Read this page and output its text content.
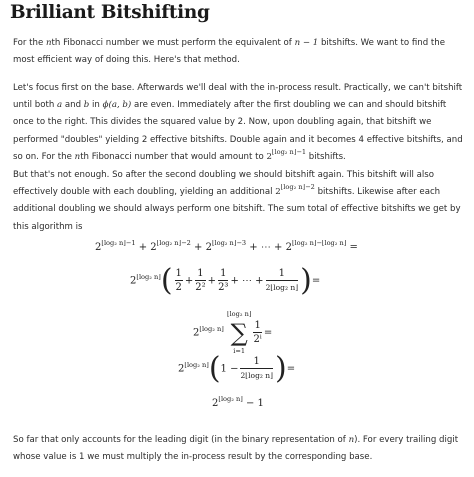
Brilliant Bitshifting

For the nth Fibonacci number we must perform the equivalent of n − 1 bitshifts. We want to find the most efficient way of doing this. Here's that method.

Let's focus first on the base. Afterwards we'll deal with the in-process result. Practically, we can't bitshift until both a and b in ϕ(a, b) are even. Immediately after the first doubling we can and should bitshift once to the right. This divides the squared value by 2. Now, upon doubling again, that bitshift we performed "doubles" yielding 2 effective bitshifts. Double again and it becomes 4 effective bitshifts, and so on. For the nth Fibonacci number that would amount to $2^{⌊log_2 n⌋-1}$ bitshifts.

But that's not enough. So after the second doubling we should bitshift again. This bitshift will also effectively double with each doubling, yielding an additional $2^{⌊log_2 n⌋-2}$ bitshifts. Likewise after each additional doubling we should always perform one bitshift. The sum total of effective bitshifts we get by this algorithm is

$2^{⌊log_2 n⌋-1} + 2^{⌊log_2 n⌋-2} + 2^{⌊log_2 n⌋-3}$ + ⋯ + $2^{⌊log_2 n⌋-⌊log_2 n⌋}$ =
$2^{⌊log_2 n⌋}( \frac{1}{2} + \frac{1}{\text{2²}} + \frac{1}{\text{2³}}$ + ⋯ + $\frac{1}{\text{2⌊log₂ n⌋}}$ )=
$2^{⌊log_2 n⌋}$
⌊log₂ n⌋
∑
i=1
$\frac{1}{\text{2ⁱ}}$ =
$2^{⌊log_2 n⌋}(1 - \frac{1}{\text{2⌊log₂ n⌋}}$ )=
$2^{⌊log_2 n⌋} - 1$

So far that only accounts for the leading digit (in the binary representation of n). For every trailing digit whose value is 1 we must multiply the in-process result by the corresponding base.
